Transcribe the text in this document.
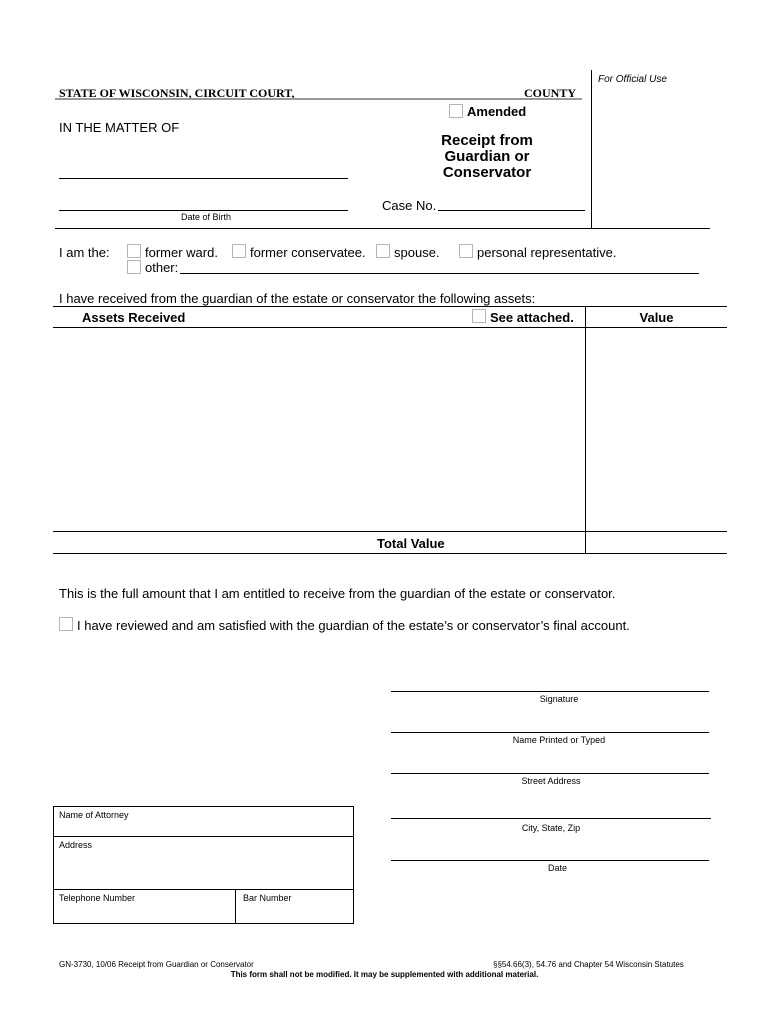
For Official Use
STATE OF WISCONSIN, CIRCUIT COURT,	COUNTY
Amended
IN THE MATTER OF
Date of Birth
Receipt from
Guardian or
Conservator
Case No.
I am the:	former ward. former conservatee. spouse.	personal representative.
other:
I have received from the guardian of the estate or conservator the following assets:
Assets Received	See attached.	Value
Total Value
This is the full amount that I am entitled to receive from the guardian of the estate or conservator.
I have reviewed and am satisfied with the guardian of the estate’s or conservator’s final account.
Signature
Name Printed or Typed
Street Address
City, State, Zip
Date
Name of Attorney
Address
Telephone Number	Bar Number
GN-3730, 10/06 Receipt from Guardian or Conservator	§§54.66(3), 54.76 and Chapter 54 Wisconsin Statutes
This form shall not be modified. It may be supplemented with additional material.
